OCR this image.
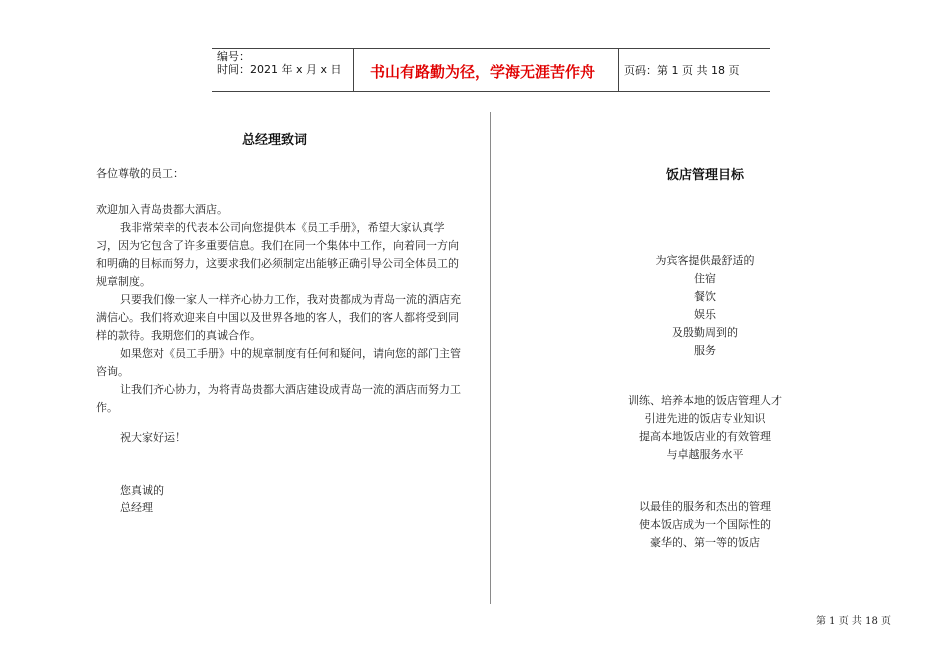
编号：
时间：2021 年 x 月 x 日 书山有路勤为径，学海无涯苦作舟	页码：第 1 页 共 18 页
总经理致词
各位尊敬的员工：

欢迎加入青岛贵都大酒店。

我非常荣幸的代表本公司向您提供本《员工手册》，希望大家认真学习，因为它包含了许多重要信息。我们在同一个集体中工作，向着同一方向和明确的目标而努力，这要求我们必须制定出能够正确引导公司全体员工的规章制度。

只要我们像一家人一样齐心协力工作，我对贵都成为青岛一流的酒店充满信心。我们将欢迎来自中国以及世界各地的客人，我们的客人都将受到同样的款待。我期您们的真诚合作。

如果您对《员工手册》中的规章制度有任何和疑问，请向您的部门主管咨询。

让我们齐心协力，为将青岛贵都大酒店建设成青岛一流的酒店而努力工作。

祝大家好运！
您真诚的
总经理
饭店管理目标
为宾客提供最舒适的
住宿
餐饮
娱乐
及殷勤周到的
服务
训练、培养本地的饭店管理人才
引进先进的饭店专业知识
提高本地饭店业的有效管理
与卓越服务水平
以最佳的服务和杰出的管理
使本饭店成为一个国际性的
豪华的、第一等的饭店
第 1 页 共 18 页
